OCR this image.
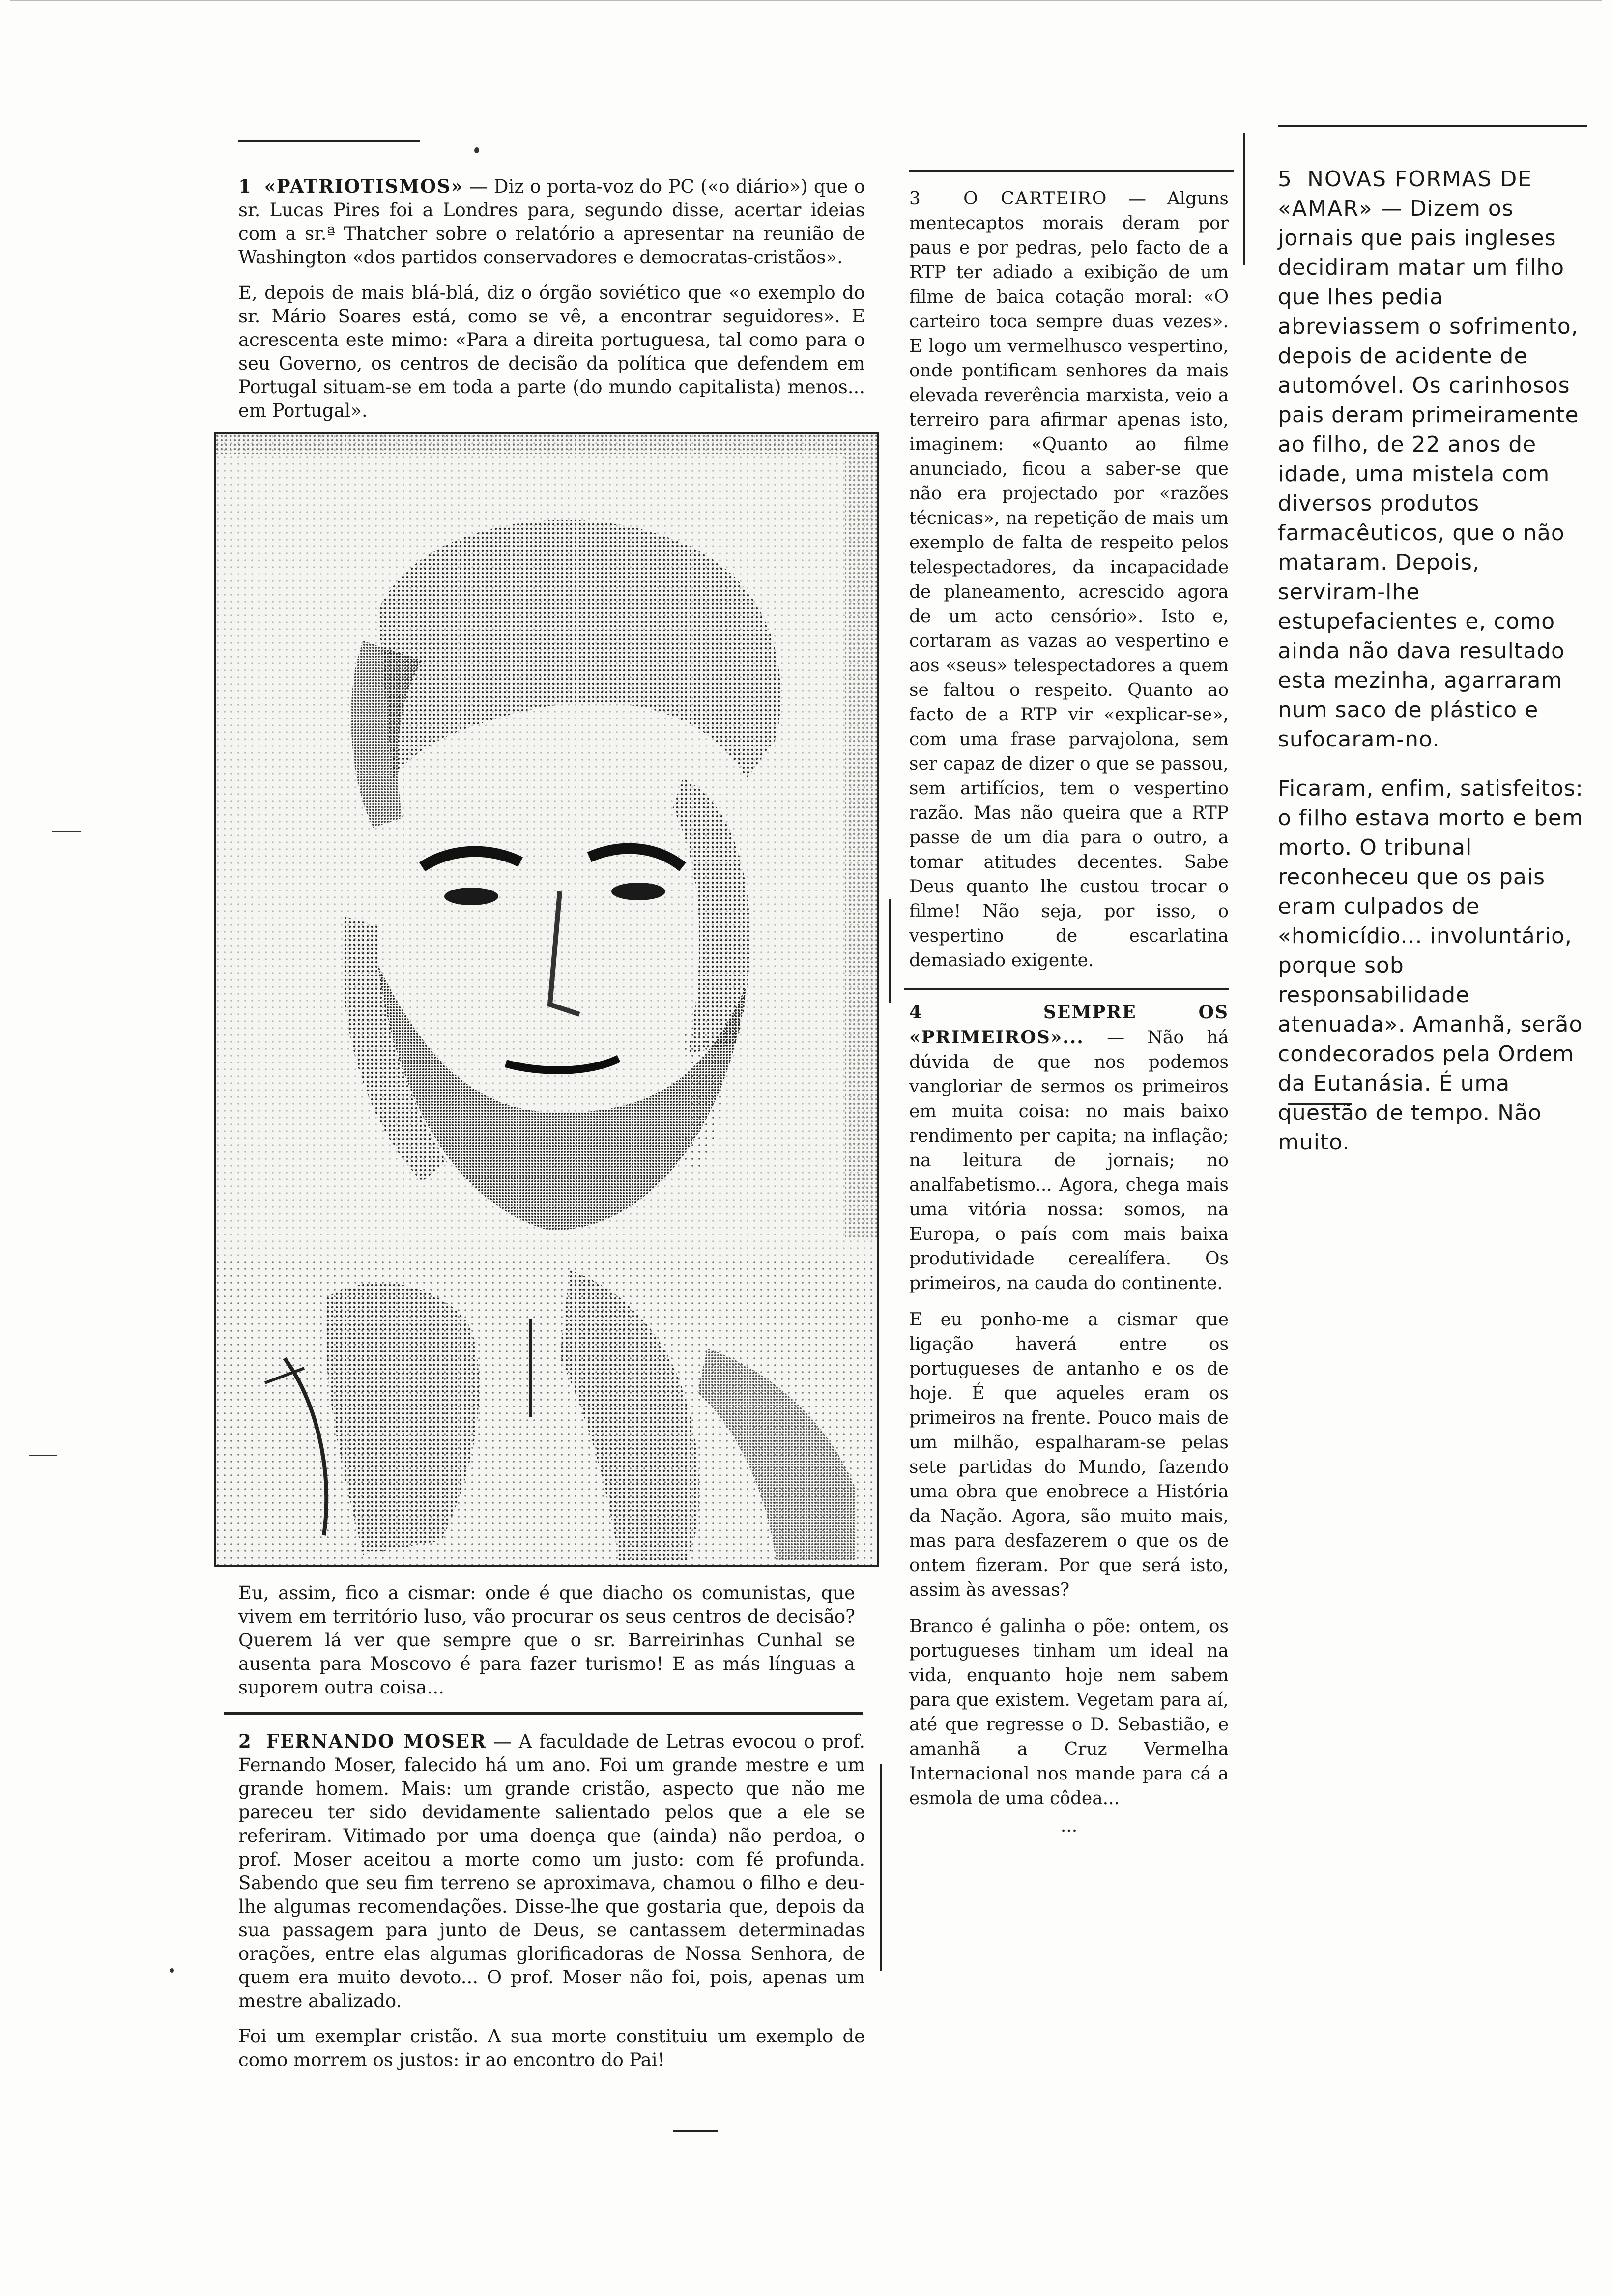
1 «PATRIOTISMOS» — Diz o porta-voz do PC («o diário») que o sr. Lucas Pires foi a Londres para, segundo disse, acertar ideias com a sr.ª Thatcher sobre o relatório a apresentar na reunião de Washington «dos partidos conservadores e democratas-cristãos».

E, depois de mais blá-blá, diz o órgão soviético que «o exemplo do sr. Mário Soares está, como se vê, a encontrar seguidores». E acrescenta este mimo: «Para a direita portuguesa, tal como para o seu Governo, os centros de decisão da política que defendem em Portugal situam-se em toda a parte (do mundo capitalista) menos... em Portugal».

Eu, assim, fico a cismar: onde é que diacho os comunistas, que vivem em território luso, vão procurar os seus centros de decisão? Querem lá ver que sempre que o sr. Barreirinhas Cunhal se ausenta para Moscovo é para fazer turismo! E as más línguas a suporem outra coisa...

2 FERNANDO MOSER — A faculdade de Letras evocou o prof. Fernando Moser, falecido há um ano. Foi um grande mestre e um grande homem. Mais: um grande cristão, aspecto que não me pareceu ter sido devidamente salientado pelos que a ele se referiram. Vitimado por uma doença que (ainda) não perdoa, o prof. Moser aceitou a morte como um justo: com fé profunda. Sabendo que seu fim terreno se aproximava, chamou o filho e deu-lhe algumas recomendações. Disse-lhe que gostaria que, depois da sua passagem para junto de Deus, se cantassem determinadas orações, entre elas algumas glorificadoras de Nossa Senhora, de quem era muito devoto... O prof. Moser não foi, pois, apenas um mestre abalizado.

Foi um exemplar cristão. A sua morte constituiu um exemplo de como morrem os justos: ir ao encontro do Pai!

3 O CARTEIRO — Alguns mentecaptos morais deram por paus e por pedras, pelo facto de a RTP ter adiado a exibição de um filme de baica cotação moral: «O carteiro toca sempre duas vezes». E logo um vermelhusco vespertino, onde pontificam senhores da mais elevada reverência marxista, veio a terreiro para afirmar apenas isto, imaginem: «Quanto ao filme anunciado, ficou a saber-se que não era projectado por «razões técnicas», na repetição de mais um exemplo de falta de respeito pelos telespectadores, da incapacidade de planeamento, acrescido agora de um acto censório». Isto e, cortaram as vazas ao vespertino e aos «seus» telespectadores a quem se faltou o respeito. Quanto ao facto de a RTP vir «explicar-se», com uma frase parvajolona, sem ser capaz de dizer o que se passou, sem artifícios, tem o vespertino razão. Mas não queira que a RTP passe de um dia para o outro, a tomar atitudes decentes. Sabe Deus quanto lhe custou trocar o filme! Não seja, por isso, o vespertino de escarlatina demasiado exigente.

4	SEMPRE OS «PRIMEIROS»... — Não há dúvida de que nos podemos vangloriar de sermos os primeiros em muita coisa: no mais baixo rendimento per capita; na inflação; na leitura de jornais; no analfabetismo... Agora, chega mais uma vitória nossa: somos, na Europa, o país com mais baixa produtividade cerealífera. Os primeiros, na cauda do continente.

E eu ponho-me a cismar que ligação haverá entre os portugueses de antanho e os de hoje. É que aqueles eram os primeiros na frente. Pouco mais de um milhão, espalharam-se pelas sete partidas do Mundo, fazendo uma obra que enobrece a História da Nação. Agora, são muito mais, mas para desfazerem o que os de ontem fizeram. Por que será isto, assim às avessas?

Branco é galinha o põe: ontem, os portugueses tinham um ideal na vida, enquanto hoje nem sabem para que existem. Vegetam para aí, até que regresse o D. Sebastião, e amanhã a Cruz Vermelha Internacional nos mande para cá a esmola de uma côdea...

...

5 NOVAS FORMAS DE «AMAR» — Dizem os jornais que pais ingleses decidiram matar um filho que lhes pedia abreviassem o sofrimento, depois de acidente de automóvel. Os carinhosos pais deram primeiramente ao filho, de 22 anos de idade, uma mistela com diversos produtos farmacêuticos, que o não mataram. Depois, serviram-lhe estupefacientes e, como ainda não dava resultado esta mezinha, agarraram num saco de plástico e sufocaram-no.

Ficaram, enfim, satisfeitos: o filho estava morto e bem morto. O tribunal reconheceu que os pais eram culpados de «homicídio... involuntário, porque sob responsabilidade atenuada». Amanhã, serão condecorados pela Ordem da Eutanásia. É uma questão de tempo. Não muito.
